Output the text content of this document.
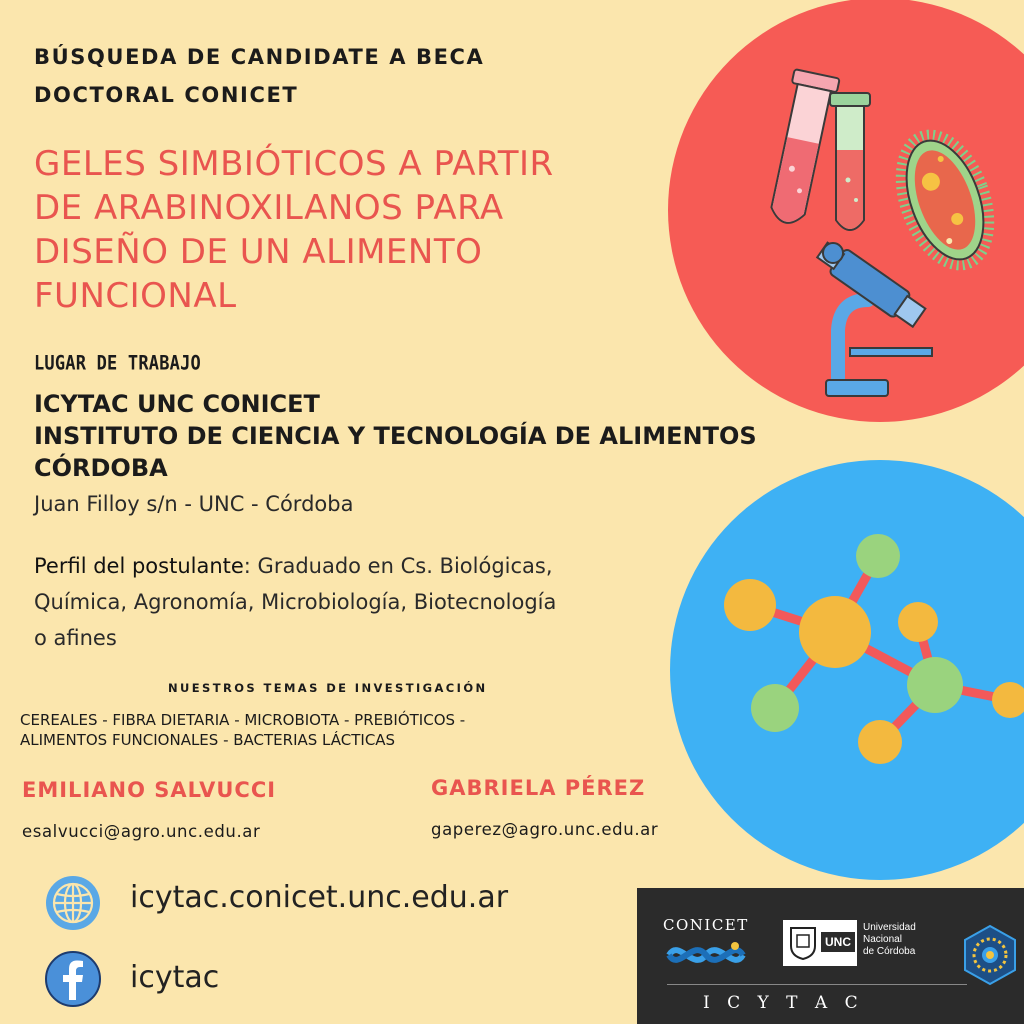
BÚSQUEDA DE CANDIDATE A BECA
DOCTORAL CONICET
GELES SIMBIÓTICOS A PARTIR
DE ARABINOXILANOS PARA
DISEÑO DE UN ALIMENTO
FUNCIONAL
LUGAR DE TRABAJO
ICYTAC UNC CONICET
INSTITUTO DE CIENCIA Y TECNOLOGÍA DE ALIMENTOS
CÓRDOBA
Juan Filloy s/n - UNC - Córdoba
Perfil del postulante: Graduado en Cs. Biológicas,
Química, Agronomía, Microbiología, Biotecnología
o afines
NUESTROS TEMAS DE INVESTIGACIÓN
CEREALES - FIBRA DIETARIA - MICROBIOTA - PREBIÓTICOS -
ALIMENTOS FUNCIONALES - BACTERIAS LÁCTICAS
EMILIANO SALVUCCI
esalvucci@agro.unc.edu.ar
GABRIELA PÉREZ
gaperez@agro.unc.edu.ar
icytac.conicet.unc.edu.ar
icytac
CONICET
I C Y T A C
UNC
Universidad
Nacional
de Córdoba
